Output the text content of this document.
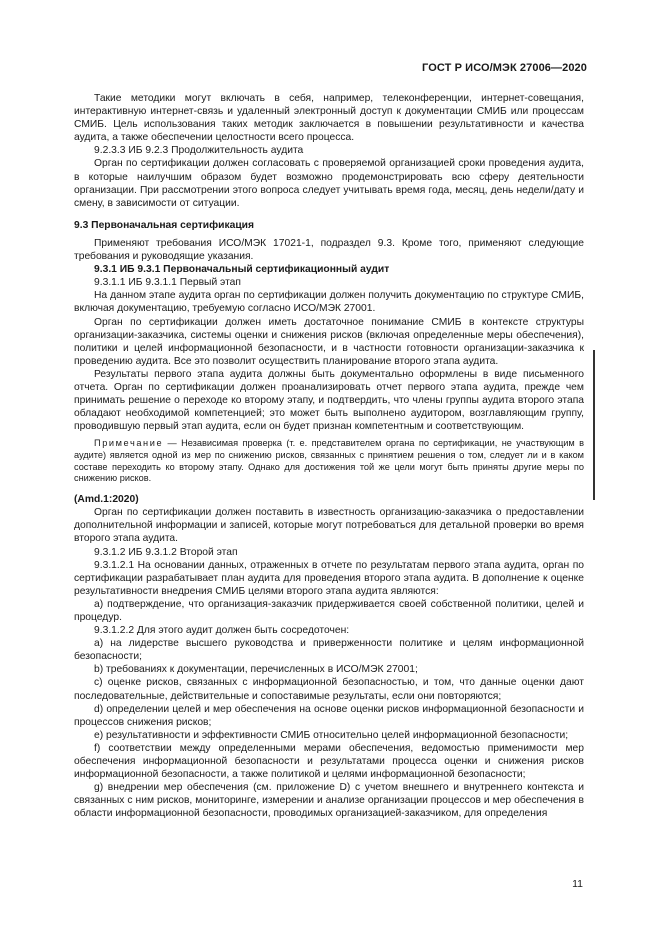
ГОСТ Р ИСО/МЭК 27006—2020

Такие методики могут включать в себя, например, телеконференции, интернет-совещания, интерактивную интернет-связь и удаленный электронный доступ к документации СМИБ или процессам СМИБ. Цель использования таких методик заключается в повышении результативности и качества аудита, а также обеспечении целостности всего процесса.

9.2.3.3 ИБ 9.2.3 Продолжительность аудита

Орган по сертификации должен согласовать с проверяемой организацией сроки проведения аудита, в которые наилучшим образом будет возможно продемонстрировать всю сферу деятельности организации. При рассмотрении этого вопроса следует учитывать время года, месяц, день недели/дату и смену, в зависимости от ситуации.

9.3 Первоначальная сертификация

Применяют требования ИСО/МЭК 17021-1, подраздел 9.3. Кроме того, применяют следующие требования и руководящие указания.

9.3.1 ИБ 9.3.1 Первоначальный сертификационный аудит

9.3.1.1 ИБ 9.3.1.1 Первый этап

На данном этапе аудита орган по сертификации должен получить документацию по структуре СМИБ, включая документацию, требуемую согласно ИСО/МЭК 27001.

Орган по сертификации должен иметь достаточное понимание СМИБ в контексте структуры организации-заказчика, системы оценки и снижения рисков (включая определенные меры обеспечения), политики и целей информационной безопасности, и в частности готовности организации-заказчика к проведению аудита. Все это позволит осуществить планирование второго этапа аудита.

Результаты первого этапа аудита должны быть документально оформлены в виде письменного отчета. Орган по сертификации должен проанализировать отчет первого этапа аудита, прежде чем принимать решение о переходе ко второму этапу, и подтвердить, что члены группы аудита второго этапа обладают необходимой компетенцией; это может быть выполнено аудитором, возглавляющим группу, проводившую первый этап аудита, если он будет признан компетентным и соответствующим.

Примечание — Независимая проверка (т. е. представителем органа по сертификации, не участвующим в аудите) является одной из мер по снижению рисков, связанных с принятием решения о том, следует ли и в каком составе переходить ко второму этапу. Однако для достижения той же цели могут быть приняты другие меры по снижению рисков.

(Amd.1:2020)

Орган по сертификации должен поставить в известность организацию-заказчика о предоставлении дополнительной информации и записей, которые могут потребоваться для детальной проверки во время второго этапа аудита.

9.3.1.2 ИБ 9.3.1.2 Второй этап

9.3.1.2.1 На основании данных, отраженных в отчете по результатам первого этапа аудита, орган по сертификации разрабатывает план аудита для проведения второго этапа аудита. В дополнение к оценке результативности внедрения СМИБ целями второго этапа аудита являются:

а) подтверждение, что организация-заказчик придерживается своей собственной политики, целей и процедур.

9.3.1.2.2 Для этого аудит должен быть сосредоточен:

а) на лидерстве высшего руководства и приверженности политике и целям информационной безопасности;

b) требованиях к документации, перечисленных в ИСО/МЭК 27001;

с) оценке рисков, связанных с информационной безопасностью, и том, что данные оценки дают последовательные, действительные и сопоставимые результаты, если они повторяются;

d) определении целей и мер обеспечения на основе оценки рисков информационной безопасности и процессов снижения рисков;

е) результативности и эффективности СМИБ относительно целей информационной безопасности;

f) соответствии между определенными мерами обеспечения, ведомостью применимости мер обеспечения информационной безопасности и результатами процесса оценки и снижения рисков информационной безопасности, а также политикой и целями информационной безопасности;

g) внедрении мер обеспечения (см. приложение D) с учетом внешнего и внутреннего контекста и связанных с ним рисков, мониторинге, измерении и анализе организации процессов и мер обеспечения в области информационной безопасности, проводимых организацией-заказчиком, для определения

11
